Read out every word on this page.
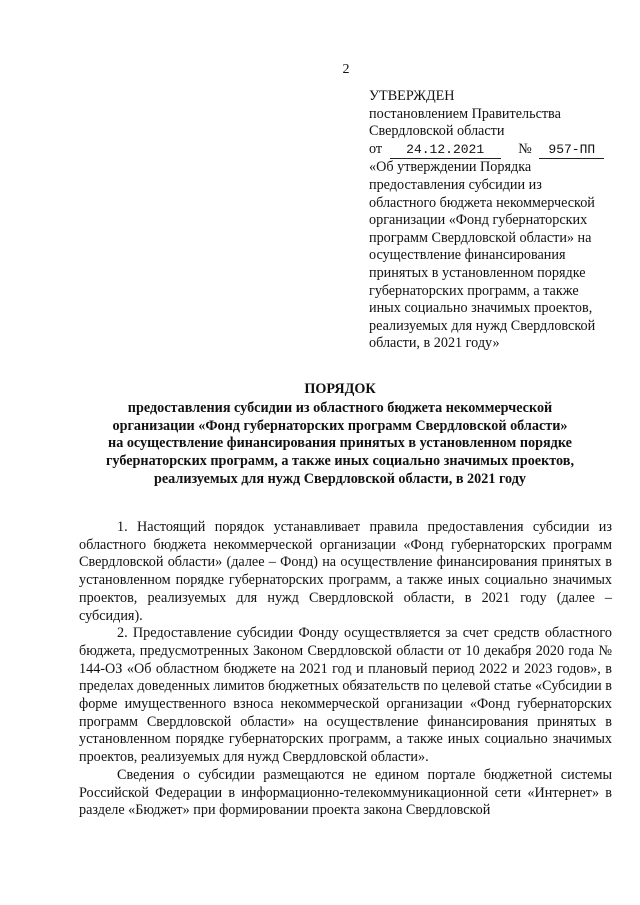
2
УТВЕРЖДЕН
постановлением Правительства
Свердловской области
от 24.12.2021 № 957-ПП
«Об утверждении Порядка
предоставления субсидии из
областного бюджета некоммерческой
организации «Фонд губернаторских
программ Свердловской области» на
осуществление финансирования
принятых в установленном порядке
губернаторских программ, а также
иных социально значимых проектов,
реализуемых для нужд Свердловской
области, в 2021 году»
ПОРЯДОК
предоставления субсидии из областного бюджета некоммерческой
организации «Фонд губернаторских программ Свердловской области»
на осуществление финансирования принятых в установленном порядке
губернаторских программ, а также иных социально значимых проектов,
реализуемых для нужд Свердловской области, в 2021 году

1. Настоящий порядок устанавливает правила предоставления субсидии из областного бюджета некоммерческой организации «Фонд губернаторских программ Свердловской области» (далее – Фонд) на осуществление финансирования принятых в установленном порядке губернаторских программ, а также иных социально значимых проектов, реализуемых для нужд Свердловской области, в 2021 году (далее – субсидия).

2. Предоставление субсидии Фонду осуществляется за счет средств областного бюджета, предусмотренных Законом Свердловской области от 10 декабря 2020 года № 144-ОЗ «Об областном бюджете на 2021 год и плановый период 2022 и 2023 годов», в пределах доведенных лимитов бюджетных обязательств по целевой статье «Субсидии в форме имущественного взноса некоммерческой организации «Фонд губернаторских программ Свердловской области» на осуществление финансирования принятых в установленном порядке губернаторских программ, а также иных социально значимых проектов, реализуемых для нужд Свердловской области».

Сведения о субсидии размещаются не едином портале бюджетной системы Российской Федерации в информационно-телекоммуникационной сети «Интернет» в разделе «Бюджет» при формировании проекта закона Свердловской
